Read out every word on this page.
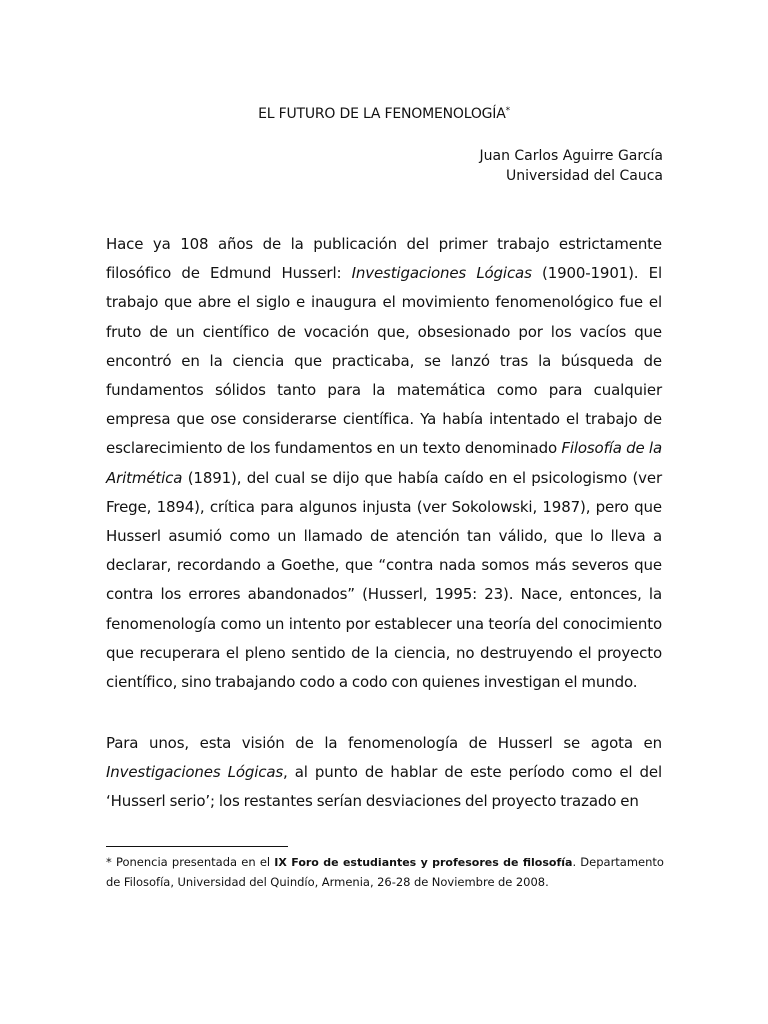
EL FUTURO DE LA FENOMENOLOGÍA*
Juan Carlos Aguirre García
Universidad del Cauca

Hace ya 108 años de la publicación del primer trabajo estrictamente filosófico de Edmund Husserl: Investigaciones Lógicas (1900-1901). El trabajo que abre el siglo e inaugura el movimiento fenomenológico fue el fruto de un científico de vocación que, obsesionado por los vacíos que encontró en la ciencia que practicaba, se lanzó tras la búsqueda de fundamentos sólidos tanto para la matemática como para cualquier empresa que ose considerarse científica. Ya había intentado el trabajo de esclarecimiento de los fundamentos en un texto denominado Filosofía de la Aritmética (1891), del cual se dijo que había caído en el psicologismo (ver Frege, 1894), crítica para algunos injusta (ver Sokolowski, 1987), pero que Husserl asumió como un llamado de atención tan válido, que lo lleva a declarar, recordando a Goethe, que “contra nada somos más severos que contra los errores abandonados” (Husserl, 1995: 23). Nace, entonces, la fenomenología como un intento por establecer una teoría del conocimiento que recuperara el pleno sentido de la ciencia, no destruyendo el proyecto científico, sino trabajando codo a codo con quienes investigan el mundo.

Para unos, esta visión de la fenomenología de Husserl se agota en Investigaciones Lógicas, al punto de hablar de este período como el del ‘Husserl serio’; los restantes serían desviaciones del proyecto trazado en

* Ponencia presentada en el IX Foro de estudiantes y profesores de filosofía. Departamento de Filosofía, Universidad del Quindío, Armenia, 26-28 de Noviembre de 2008.
